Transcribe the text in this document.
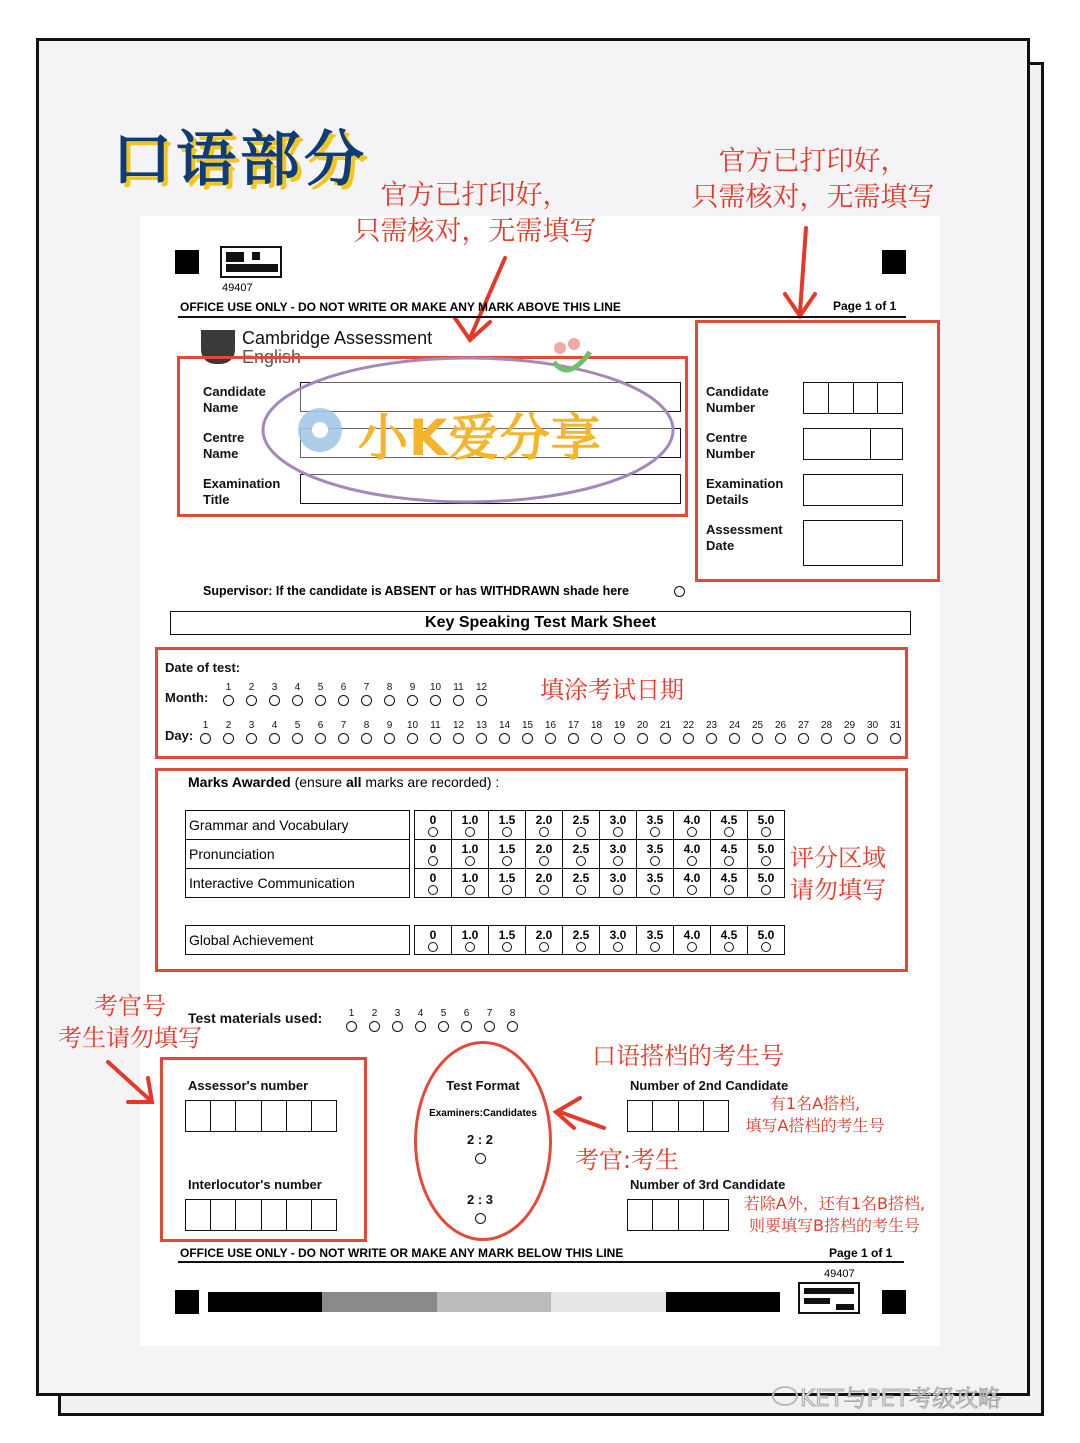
口语部分
官方已打印好，
只需核对，无需填写
官方已打印好，
只需核对，无需填写
49407
OFFICE USE ONLY - DO NOT WRITE OR MAKE ANY MARK ABOVE THIS LINE	Page 1 of 1
Cambridge Assessment
English
Candidate Name
Centre Name
Examination Title
小K爱分享
Candidate Number
Centre Number
Examination Details
Assessment Date
Supervisor: If the candidate is ABSENT or has WITHDRAWN shade here
Key Speaking Test Mark Sheet
Date of test:
Month:
Day:
1 2 3 4 5 6 7 8 9 10 11 12
1 2 3 4 5 6 7 8 9 10 11 12 13 14 15 16 17 18 19 20 21 22 23 24 25 26 27 28 29 30 31
填涂考试日期
Marks Awarded (ensure all marks are recorded) :
Grammar and Vocabulary		0	1.0	1.5	2.0	2.5	3.0	3.5	4.0	4.5	5.0

Pronunciation		0	1.0	1.5	2.0	2.5	3.0	3.5	4.0	4.5	5.0

Interactive Communication		0	1.0	1.5	2.0	2.5	3.0	3.5	4.0	4.5	5.0
Global Achievement		0	1.0	1.5	2.0	2.5	3.0	3.5	4.0	4.5	5.0
评分区域
请勿填写
Test materials used:	1 2 3 4 5 6 7 8
考官号
考生请勿填写
Assessor's number
Interlocutor's number
Test Format
Examiners:Candidates
2 : 2
2 : 3
考官:考生
口语搭档的考生号
Number of 2nd Candidate
有1名A搭档,
填写A搭档的考生号
Number of 3rd Candidate
若除A外，还有1名B搭档,
则要填写B搭档的考生号
OFFICE USE ONLY - DO NOT WRITE OR MAKE ANY MARK BELOW THIS LINE	Page 1 of 1
49407
KET与PET考级攻略
